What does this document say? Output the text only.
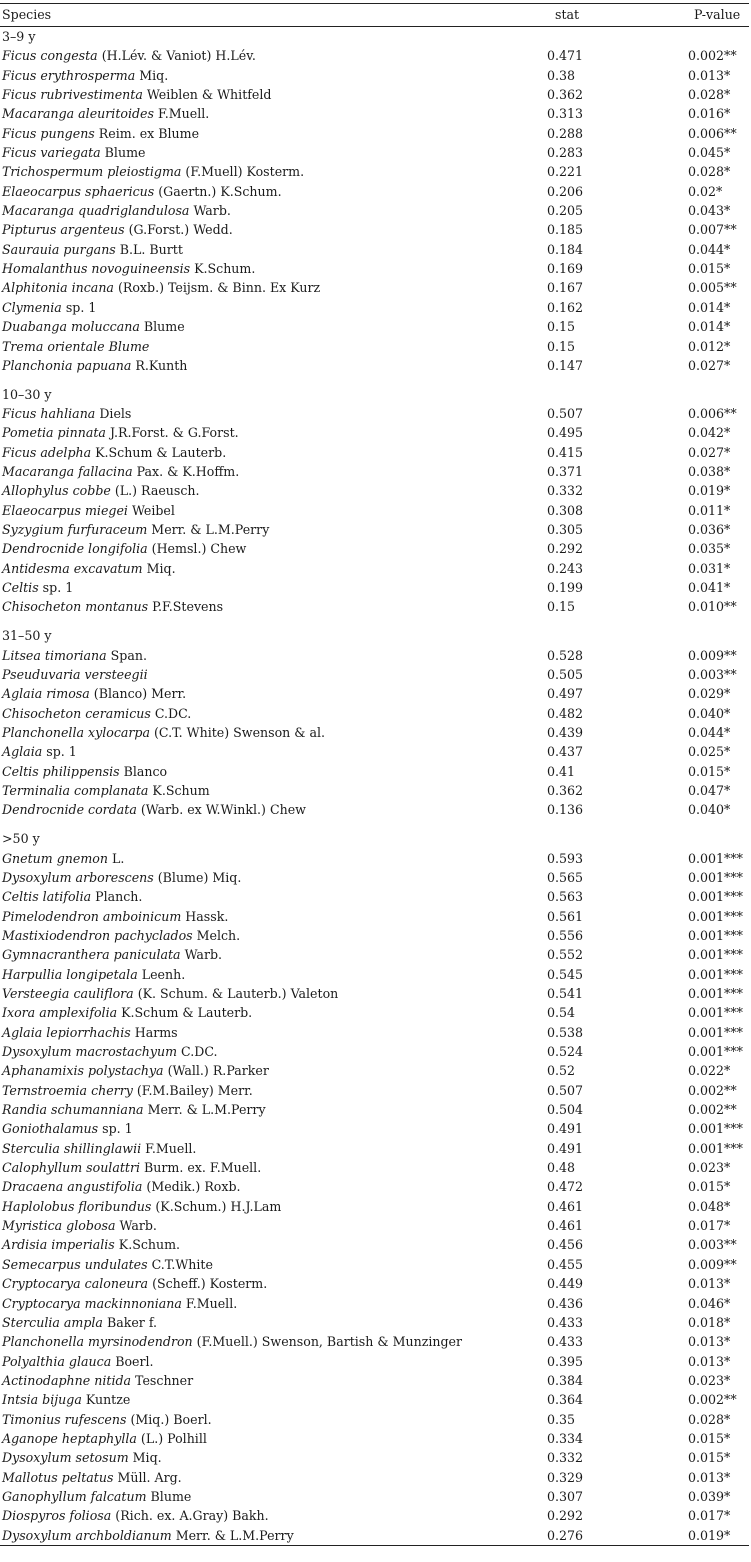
Species	stat	P-value
3–9 y
Ficus congesta (H.Lév. & Vaniot) H.Lév.	0.471	0.002**
Ficus erythrosperma Miq.	0.38	0.013*
Ficus rubrivestimenta Weiblen & Whitfeld	0.362	0.028*
Macaranga aleuritoides F.Muell.	0.313	0.016*
Ficus pungens Reim. ex Blume	0.288	0.006**
Ficus variegata Blume	0.283	0.045*
Trichospermum pleiostigma (F.Muell) Kosterm.	0.221	0.028*
Elaeocarpus sphaericus (Gaertn.) K.Schum.	0.206	0.02*
Macaranga quadriglandulosa Warb.	0.205	0.043*
Pipturus argenteus (G.Forst.) Wedd.	0.185	0.007**
Saurauia purgans B.L. Burtt	0.184	0.044*
Homalanthus novoguineensis K.Schum.	0.169	0.015*
Alphitonia incana (Roxb.) Teijsm. & Binn. Ex Kurz	0.167	0.005**
Clymenia sp. 1	0.162	0.014*
Duabanga moluccana Blume	0.15	0.014*
Trema orientale Blume	0.15	0.012*
Planchonia papuana R.Kunth	0.147	0.027*
10–30 y
Ficus hahliana Diels	0.507	0.006**
Pometia pinnata J.R.Forst. & G.Forst.	0.495	0.042*
Ficus adelpha K.Schum & Lauterb.	0.415	0.027*
Macaranga fallacina Pax. & K.Hoffm.	0.371	0.038*
Allophylus cobbe (L.) Raeusch.	0.332	0.019*
Elaeocarpus miegei Weibel	0.308	0.011*
Syzygium furfuraceum Merr. & L.M.Perry	0.305	0.036*
Dendrocnide longifolia (Hemsl.) Chew	0.292	0.035*
Antidesma excavatum Miq.	0.243	0.031*
Celtis sp. 1	0.199	0.041*
Chisocheton montanus P.F.Stevens	0.15	0.010**
31–50 y
Litsea timoriana Span.	0.528	0.009**
Pseuduvaria versteegii	0.505	0.003**
Aglaia rimosa (Blanco) Merr.	0.497	0.029*
Chisocheton ceramicus C.DC.	0.482	0.040*
Planchonella xylocarpa (C.T. White) Swenson & al.	0.439	0.044*
Aglaia sp. 1	0.437	0.025*
Celtis philippensis Blanco	0.41	0.015*
Terminalia complanata K.Schum	0.362	0.047*
Dendrocnide cordata (Warb. ex W.Winkl.) Chew	0.136	0.040*
>50 y
Gnetum gnemon L.	0.593	0.001***
Dysoxylum arborescens (Blume) Miq.	0.565	0.001***
Celtis latifolia Planch.	0.563	0.001***
Pimelodendron amboinicum Hassk.	0.561	0.001***
Mastixiodendron pachyclados Melch.	0.556	0.001***
Gymnacranthera paniculata Warb.	0.552	0.001***
Harpullia longipetala Leenh.	0.545	0.001***
Versteegia cauliflora (K. Schum. & Lauterb.) Valeton	0.541	0.001***
Ixora amplexifolia K.Schum & Lauterb.	0.54	0.001***
Aglaia lepiorrhachis Harms	0.538	0.001***
Dysoxylum macrostachyum C.DC.	0.524	0.001***
Aphanamixis polystachya (Wall.) R.Parker	0.52	0.022*
Ternstroemia cherry (F.M.Bailey) Merr.	0.507	0.002**
Randia schumanniana Merr. & L.M.Perry	0.504	0.002**
Goniothalamus sp. 1	0.491	0.001***
Sterculia shillinglawii F.Muell.	0.491	0.001***
Calophyllum soulattri Burm. ex. F.Muell.	0.48	0.023*
Dracaena angustifolia (Medik.) Roxb.	0.472	0.015*
Haplolobus floribundus (K.Schum.) H.J.Lam	0.461	0.048*
Myristica globosa Warb.	0.461	0.017*
Ardisia imperialis K.Schum.	0.456	0.003**
Semecarpus undulates C.T.White	0.455	0.009**
Cryptocarya caloneura (Scheff.) Kosterm.	0.449	0.013*
Cryptocarya mackinnoniana F.Muell.	0.436	0.046*
Sterculia ampla Baker f.	0.433	0.018*
Planchonella myrsinodendron (F.Muell.) Swenson, Bartish & Munzinger	0.433	0.013*
Polyalthia glauca Boerl.	0.395	0.013*
Actinodaphne nitida Teschner	0.384	0.023*
Intsia bijuga Kuntze	0.364	0.002**
Timonius rufescens (Miq.) Boerl.	0.35	0.028*
Aganope heptaphylla (L.) Polhill	0.334	0.015*
Dysoxylum setosum Miq.	0.332	0.015*
Mallotus peltatus Müll. Arg.	0.329	0.013*
Ganophyllum falcatum Blume	0.307	0.039*
Diospyros foliosa (Rich. ex. A.Gray) Bakh.	0.292	0.017*
Dysoxylum archboldianum Merr. & L.M.Perry	0.276	0.019*
